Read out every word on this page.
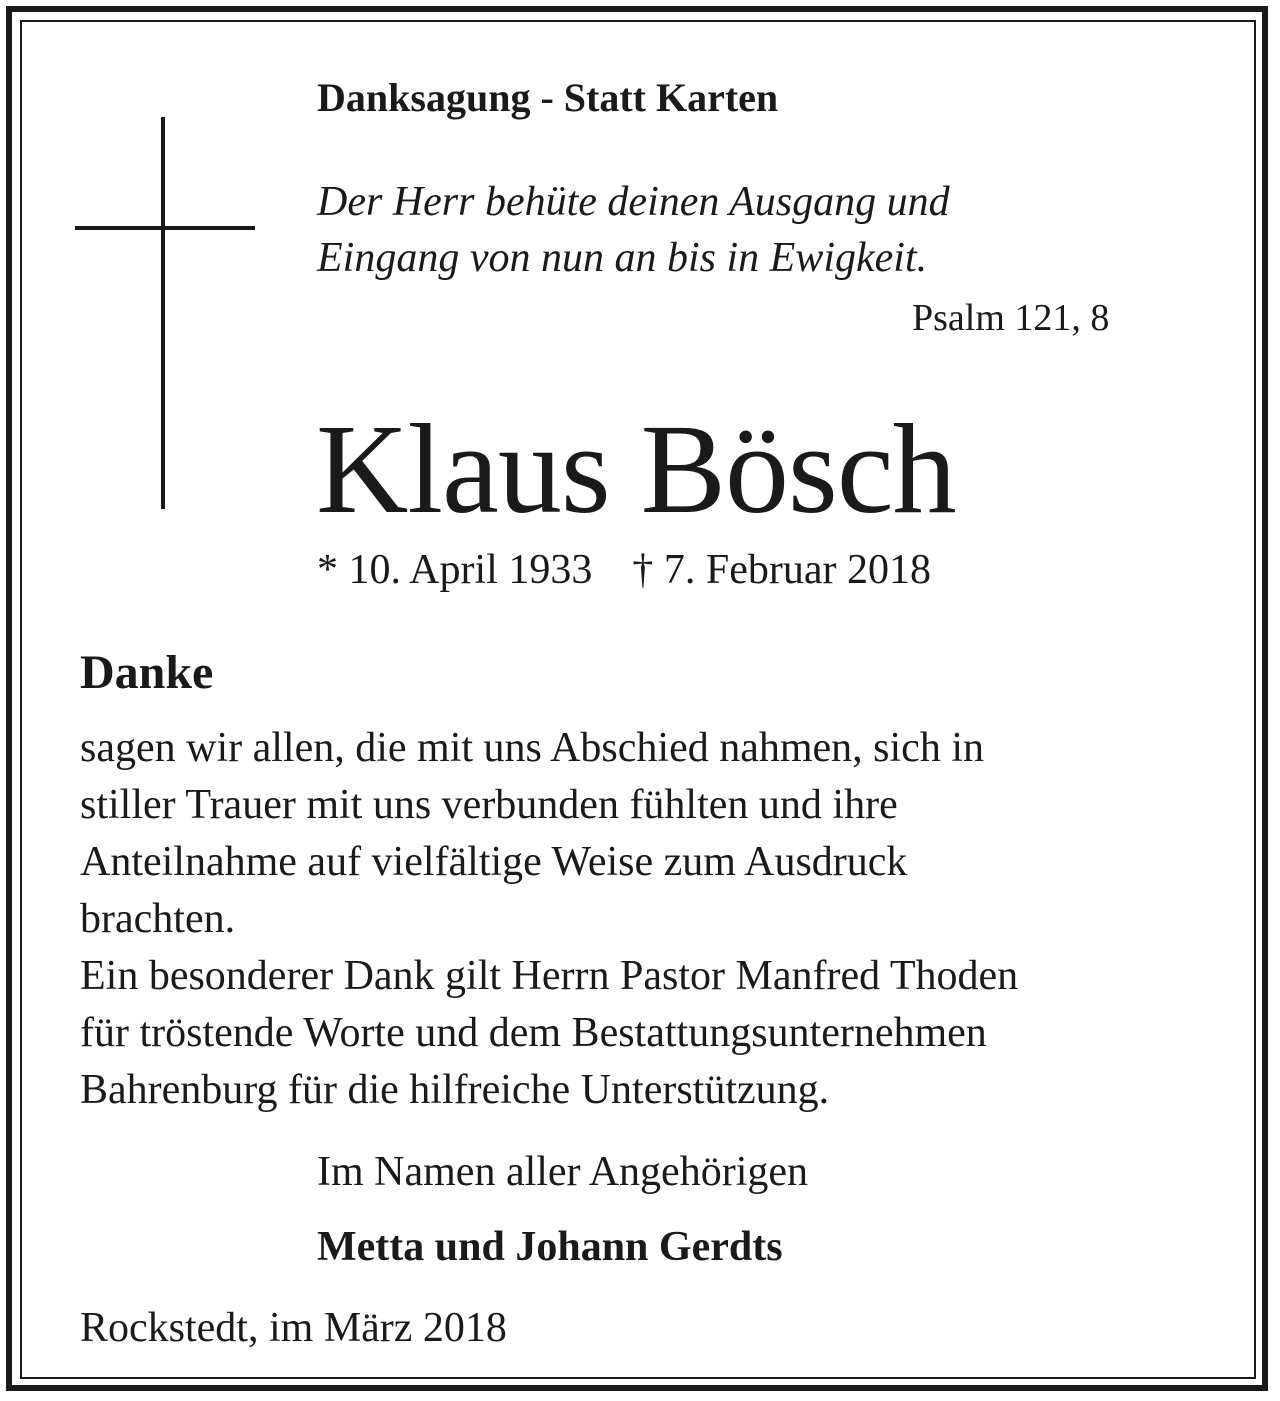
Danksagung - Statt Karten

Der Herr behüte deinen Ausgang und
Eingang von nun an bis in Ewigkeit.

Psalm 121, 8

Klaus Bösch

* 10. April 1933 † 7. Februar 2018

Danke

sagen wir allen, die mit uns Abschied nahmen, sich in
stiller Trauer mit uns verbunden fühlten und ihre
Anteilnahme auf vielfältige Weise zum Ausdruck
brachten.
Ein besonderer Dank gilt Herrn Pastor Manfred Thoden
für tröstende Worte und dem Bestattungsunternehmen
Bahrenburg für die hilfreiche Unterstützung.

Im Namen aller Angehörigen

Metta und Johann Gerdts

Rockstedt, im März 2018
